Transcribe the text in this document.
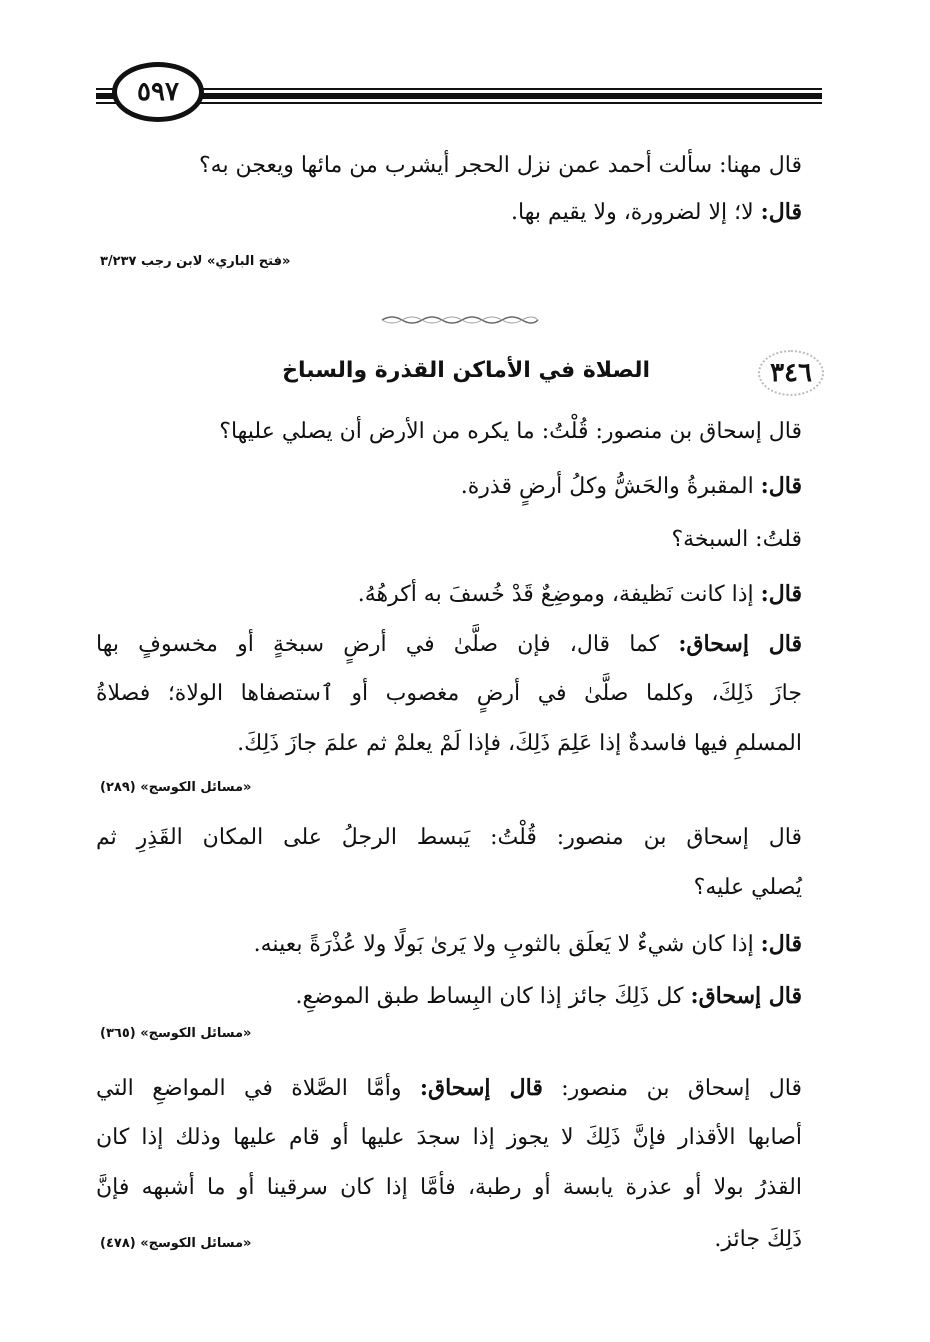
٥٩٧
قال مهنا: سألت أحمد عمن نزل الحجر أيشرب من مائها ويعجن به؟
قال: لا؛ إلا لضرورة، ولا يقيم بها.
«فتح الباري» لابن رجب ٣/٢٣٧
٣٤٦
الصلاة في الأماكن القذرة والسباخ
قال إسحاق بن منصور: قُلْتُ: ما يكره من الأرض أن يصلي عليها؟
قال: المقبرةُ والحَشُّ وكلُ أرضٍ قذرة.
قلتُ: السبخة؟
قال: إذا كانت نَظيفة، وموضِعٌ قَدْ خُسفَ به أكرهُهُ.
قال إسحاق: كما قال، فإن صلَّىٰ في أرضٍ سبخةٍ أو مخسوفٍ بها
جازَ ذَلِكَ، وكلما صلَّىٰ في أرضٍ مغصوب أو ٱستصفاها الولاة؛ فصلاةُ
المسلمِ فيها فاسدةٌ إذا عَلِمَ ذَلِكَ، فإذا لَمْ يعلمْ ثم علمَ جازَ ذَلِكَ.
«مسائل الكوسج» (٢٨٩)
قال إسحاق بن منصور: قُلْتُ: يَبسط الرجلُ على المكان القَذِرِ ثم
يُصلي عليه؟
قال: إذا كان شيءٌ لا يَعلَق بالثوبِ ولا يَرىٰ بَولًا ولا عُذْرَةً بعينه.
قال إسحاق: كل ذَلِكَ جائز إذا كان البِساط طبق الموضعِ.
«مسائل الكوسج» (٣٦٥)
قال إسحاق بن منصور: قال إسحاق: وأمَّا الصَّلاة في المواضعِ التي
أصابها الأقذار فإنَّ ذَلِكَ لا يجوز إذا سجدَ عليها أو قام عليها وذلك إذا كان
القذرُ بولا أو عذرة يابسة أو رطبة، فأمَّا إذا كان سرقينا أو ما أشبهه فإنَّ
ذَلِكَ جائز.
«مسائل الكوسج» (٤٧٨)
